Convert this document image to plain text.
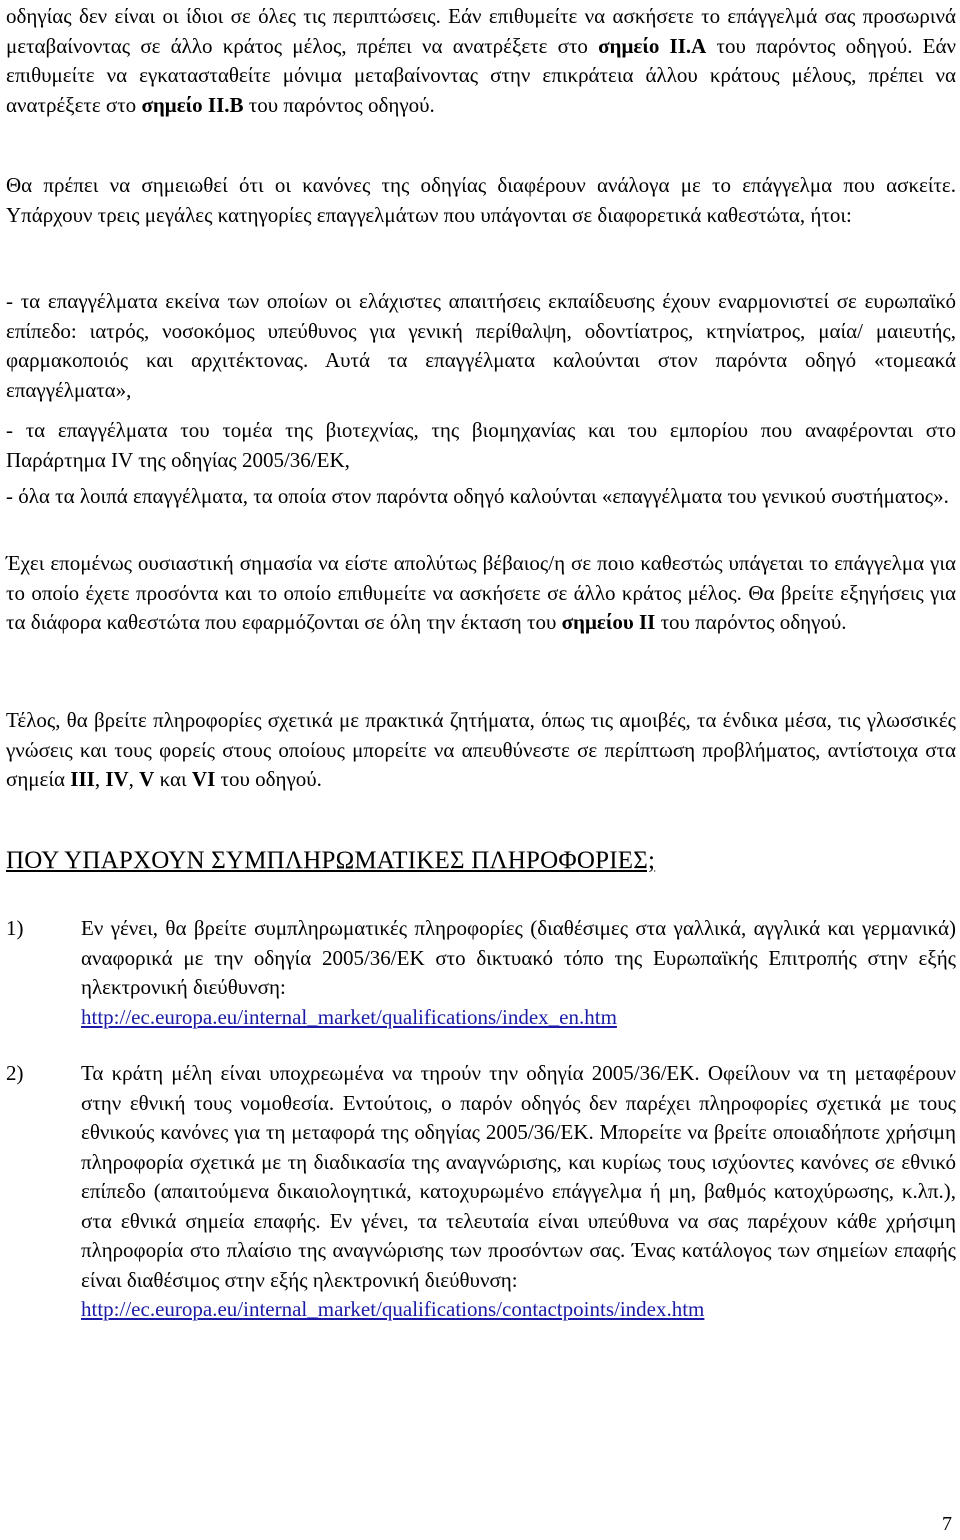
οδηγίας δεν είναι οι ίδιοι σε όλες τις περιπτώσεις. Εάν επιθυμείτε να ασκήσετε το επάγγελμά σας προσωρινά μεταβαίνοντας σε άλλο κράτος μέλος, πρέπει να ανατρέξετε στο σημείο ΙΙ.Α του παρόντος οδηγού. Εάν επιθυμείτε να εγκατασταθείτε μόνιμα μεταβαίνοντας στην επικράτεια άλλου κράτους μέλους, πρέπει να ανατρέξετε στο σημείο ΙΙ.Β του παρόντος οδηγού.

Θα πρέπει να σημειωθεί ότι οι κανόνες της οδηγίας διαφέρουν ανάλογα με το επάγγελμα που ασκείτε. Υπάρχουν τρεις μεγάλες κατηγορίες επαγγελμάτων που υπάγονται σε διαφορετικά καθεστώτα, ήτοι:

- τα επαγγέλματα εκείνα των οποίων οι ελάχιστες απαιτήσεις εκπαίδευσης έχουν εναρμονιστεί σε ευρωπαϊκό επίπεδο: ιατρός, νοσοκόμος υπεύθυνος για γενική περίθαλψη, οδοντίατρος, κτηνίατρος, μαία/ μαιευτής, φαρμακοποιός και αρχιτέκτονας. Αυτά τα επαγγέλματα καλούνται στον παρόντα οδηγό «τομεακά επαγγέλματα»,

- τα επαγγέλματα του τομέα της βιοτεχνίας, της βιομηχανίας και του εμπορίου που αναφέρονται στο Παράρτημα IV της οδηγίας 2005/36/ΕΚ,

- όλα τα λοιπά επαγγέλματα, τα οποία στον παρόντα οδηγό καλούνται «επαγγέλματα του γενικού συστήματος».

Έχει επομένως ουσιαστική σημασία να είστε απολύτως βέβαιος/η σε ποιο καθεστώς υπάγεται το επάγγελμα για το οποίο έχετε προσόντα και το οποίο επιθυμείτε να ασκήσετε σε άλλο κράτος μέλος. Θα βρείτε εξηγήσεις για τα διάφορα καθεστώτα που εφαρμόζονται σε όλη την έκταση του σημείου ΙΙ του παρόντος οδηγού.

Τέλος, θα βρείτε πληροφορίες σχετικά με πρακτικά ζητήματα, όπως τις αμοιβές, τα ένδικα μέσα, τις γλωσσικές γνώσεις και τους φορείς στους οποίους μπορείτε να απευθύνεστε σε περίπτωση προβλήματος, αντίστοιχα στα σημεία ΙΙΙ, IV, V και VI του οδηγού.

ΠΟΥ ΥΠΑΡΧΟΥΝ ΣΥΜΠΛΗΡΩΜΑΤΙΚΕΣ ΠΛΗΡΟΦΟΡΙΕΣ;
1)	Εν γένει, θα βρείτε συμπληρωματικές πληροφορίες (διαθέσιμες στα γαλλικά, αγγλικά και γερμανικά) αναφορικά με την οδηγία 2005/36/ΕΚ στο δικτυακό τόπο της Ευρωπαϊκής Επιτροπής στην εξής ηλεκτρονική διεύθυνση:
http://ec.europa.eu/internal_market/qualifications/index_en.htm
2)	Τα κράτη μέλη είναι υποχρεωμένα να τηρούν την οδηγία 2005/36/ΕΚ. Οφείλουν να τη μεταφέρουν στην εθνική τους νομοθεσία. Εντούτοις, ο παρόν οδηγός δεν παρέχει πληροφορίες σχετικά με τους εθνικούς κανόνες για τη μεταφορά της οδηγίας 2005/36/ΕΚ. Μπορείτε να βρείτε οποιαδήποτε χρήσιμη πληροφορία σχετικά με τη διαδικασία της αναγνώρισης, και κυρίως τους ισχύοντες κανόνες σε εθνικό επίπεδο (απαιτούμενα δικαιολογητικά, κατοχυρωμένο επάγγελμα ή μη, βαθμός κατοχύρωσης, κ.λπ.), στα εθνικά σημεία επαφής. Εν γένει, τα τελευταία είναι υπεύθυνα να σας παρέχουν κάθε χρήσιμη πληροφορία στο πλαίσιο της αναγνώρισης των προσόντων σας. Ένας κατάλογος των σημείων επαφής είναι διαθέσιμος στην εξής ηλεκτρονική διεύθυνση:
http://ec.europa.eu/internal_market/qualifications/contactpoints/index.htm
7
